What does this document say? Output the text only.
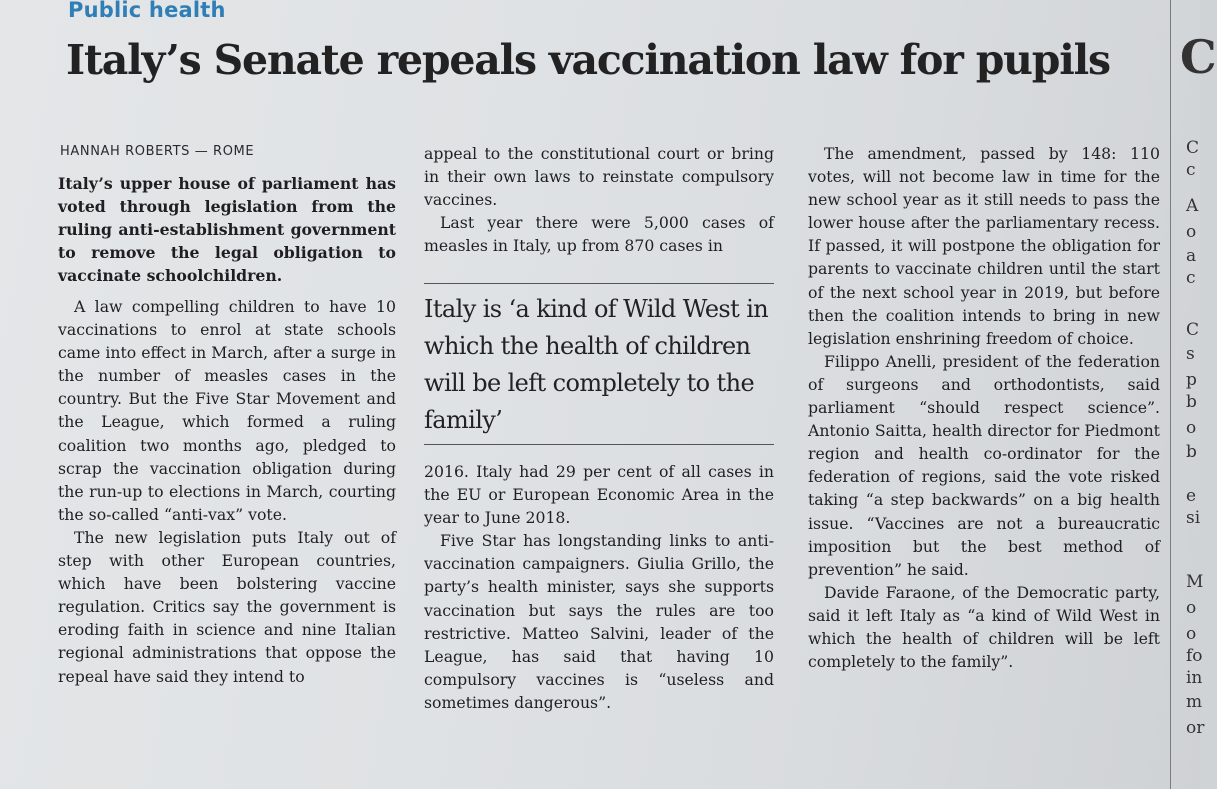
Public health
Italy’s Senate repeals vaccination law for pupils C
C
c
A
o
a
c
C
s
p
b
o
b
e
si
M
o
o
fo
in
m
or
HANNAH ROBERTS — ROME

Italy’s upper house of parliament has voted through legislation from the ruling anti-establishment government to remove the legal obligation to vaccinate schoolchildren.

A law compelling children to have 10 vaccinations to enrol at state schools came into effect in March, after a surge in the number of measles cases in the country. But the Five Star Movement and the League, which formed a ruling coalition two months ago, pledged to scrap the vaccination obligation during the run-up to elections in March, courting the so-called “anti-vax” vote.

The new legislation puts Italy out of step with other European countries, which have been bolstering vaccine regulation. Critics say the government is eroding faith in science and nine Italian regional administrations that oppose the repeal have said they intend to

appeal to the constitutional court or bring in their own laws to reinstate compulsory vaccines.

Last year there were 5,000 cases of measles in Italy, up from 870 cases in

Italy is ‘a kind of Wild West in which the health of children will be left completely to the family’

2016. Italy had 29 per cent of all cases in the EU or European Economic Area in the year to June 2018.

Five Star has longstanding links to anti-vaccination campaigners. Giulia Grillo, the party’s health minister, says she supports vaccination but says the rules are too restrictive. Matteo Salvini, leader of the League, has said that having 10 compulsory vaccines is “useless and sometimes dangerous”.

The amendment, passed by 148: 110 votes, will not become law in time for the new school year as it still needs to pass the lower house after the parliamentary recess. If passed, it will postpone the obligation for parents to vaccinate children until the start of the next school year in 2019, but before then the coalition intends to bring in new legislation enshrining freedom of choice.

Filippo Anelli, president of the federation of surgeons and orthodontists, said parliament “should respect science”. Antonio Saitta, health director for Piedmont region and health co-ordinator for the federation of regions, said the vote risked taking “a step backwards” on a big health issue. “Vaccines are not a bureaucratic imposition but the best method of prevention” he said.

Davide Faraone, of the Democratic party, said it left Italy as “a kind of Wild West in which the health of children will be left completely to the family”.
